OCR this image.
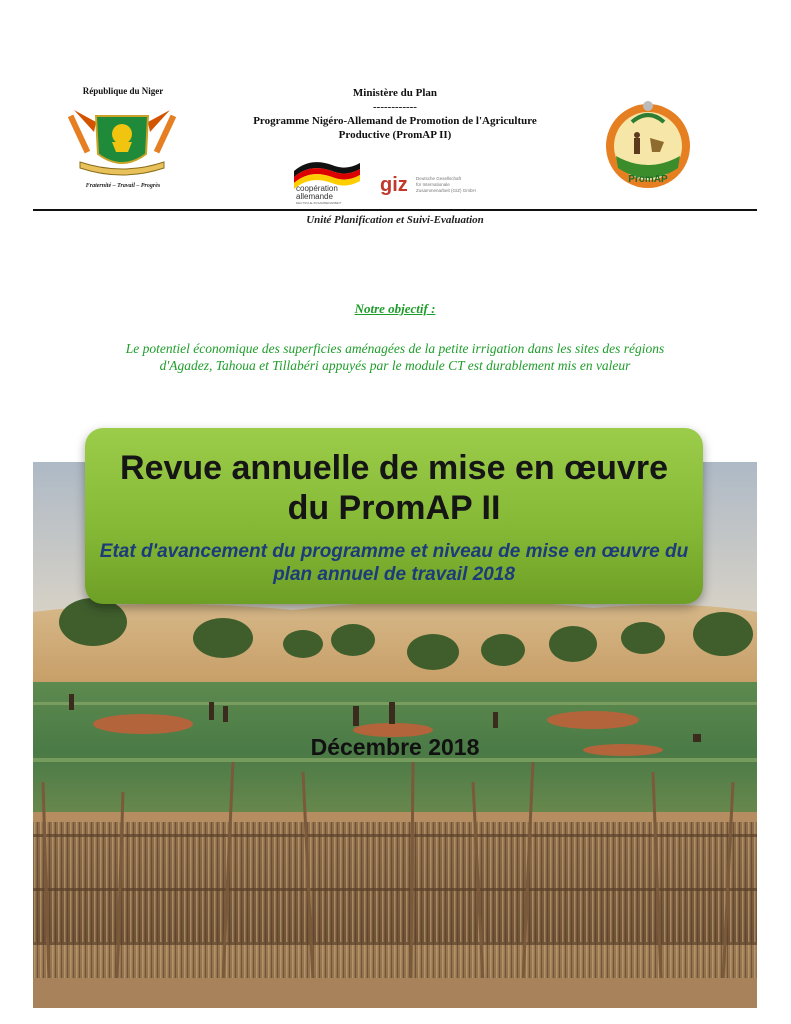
République du Niger
Fraternité – Travail – Progrès
Ministère du Plan
------------
Programme Nigéro-Allemand de Promotion de l'Agriculture
Productive (PromAP II)
coopération
allemande
DEUTSCHE ZUSAMMENARBEIT
giz Deutsche Gesellschaft
für Internationale
Zusammenarbeit (GIZ) GmbH
PromAP
Unité Planification et Suivi-Evaluation
Notre objectif :
Le potentiel économique des superficies aménagées de la petite irrigation dans les sites des régions d'Agadez, Tahoua et Tillabéri appuyés par le module CT est durablement mis en valeur
Revue annuelle de mise en œuvre
du PromAP II
Etat d'avancement du programme et niveau de mise en œuvre du plan annuel de travail 2018
Décembre 2018
